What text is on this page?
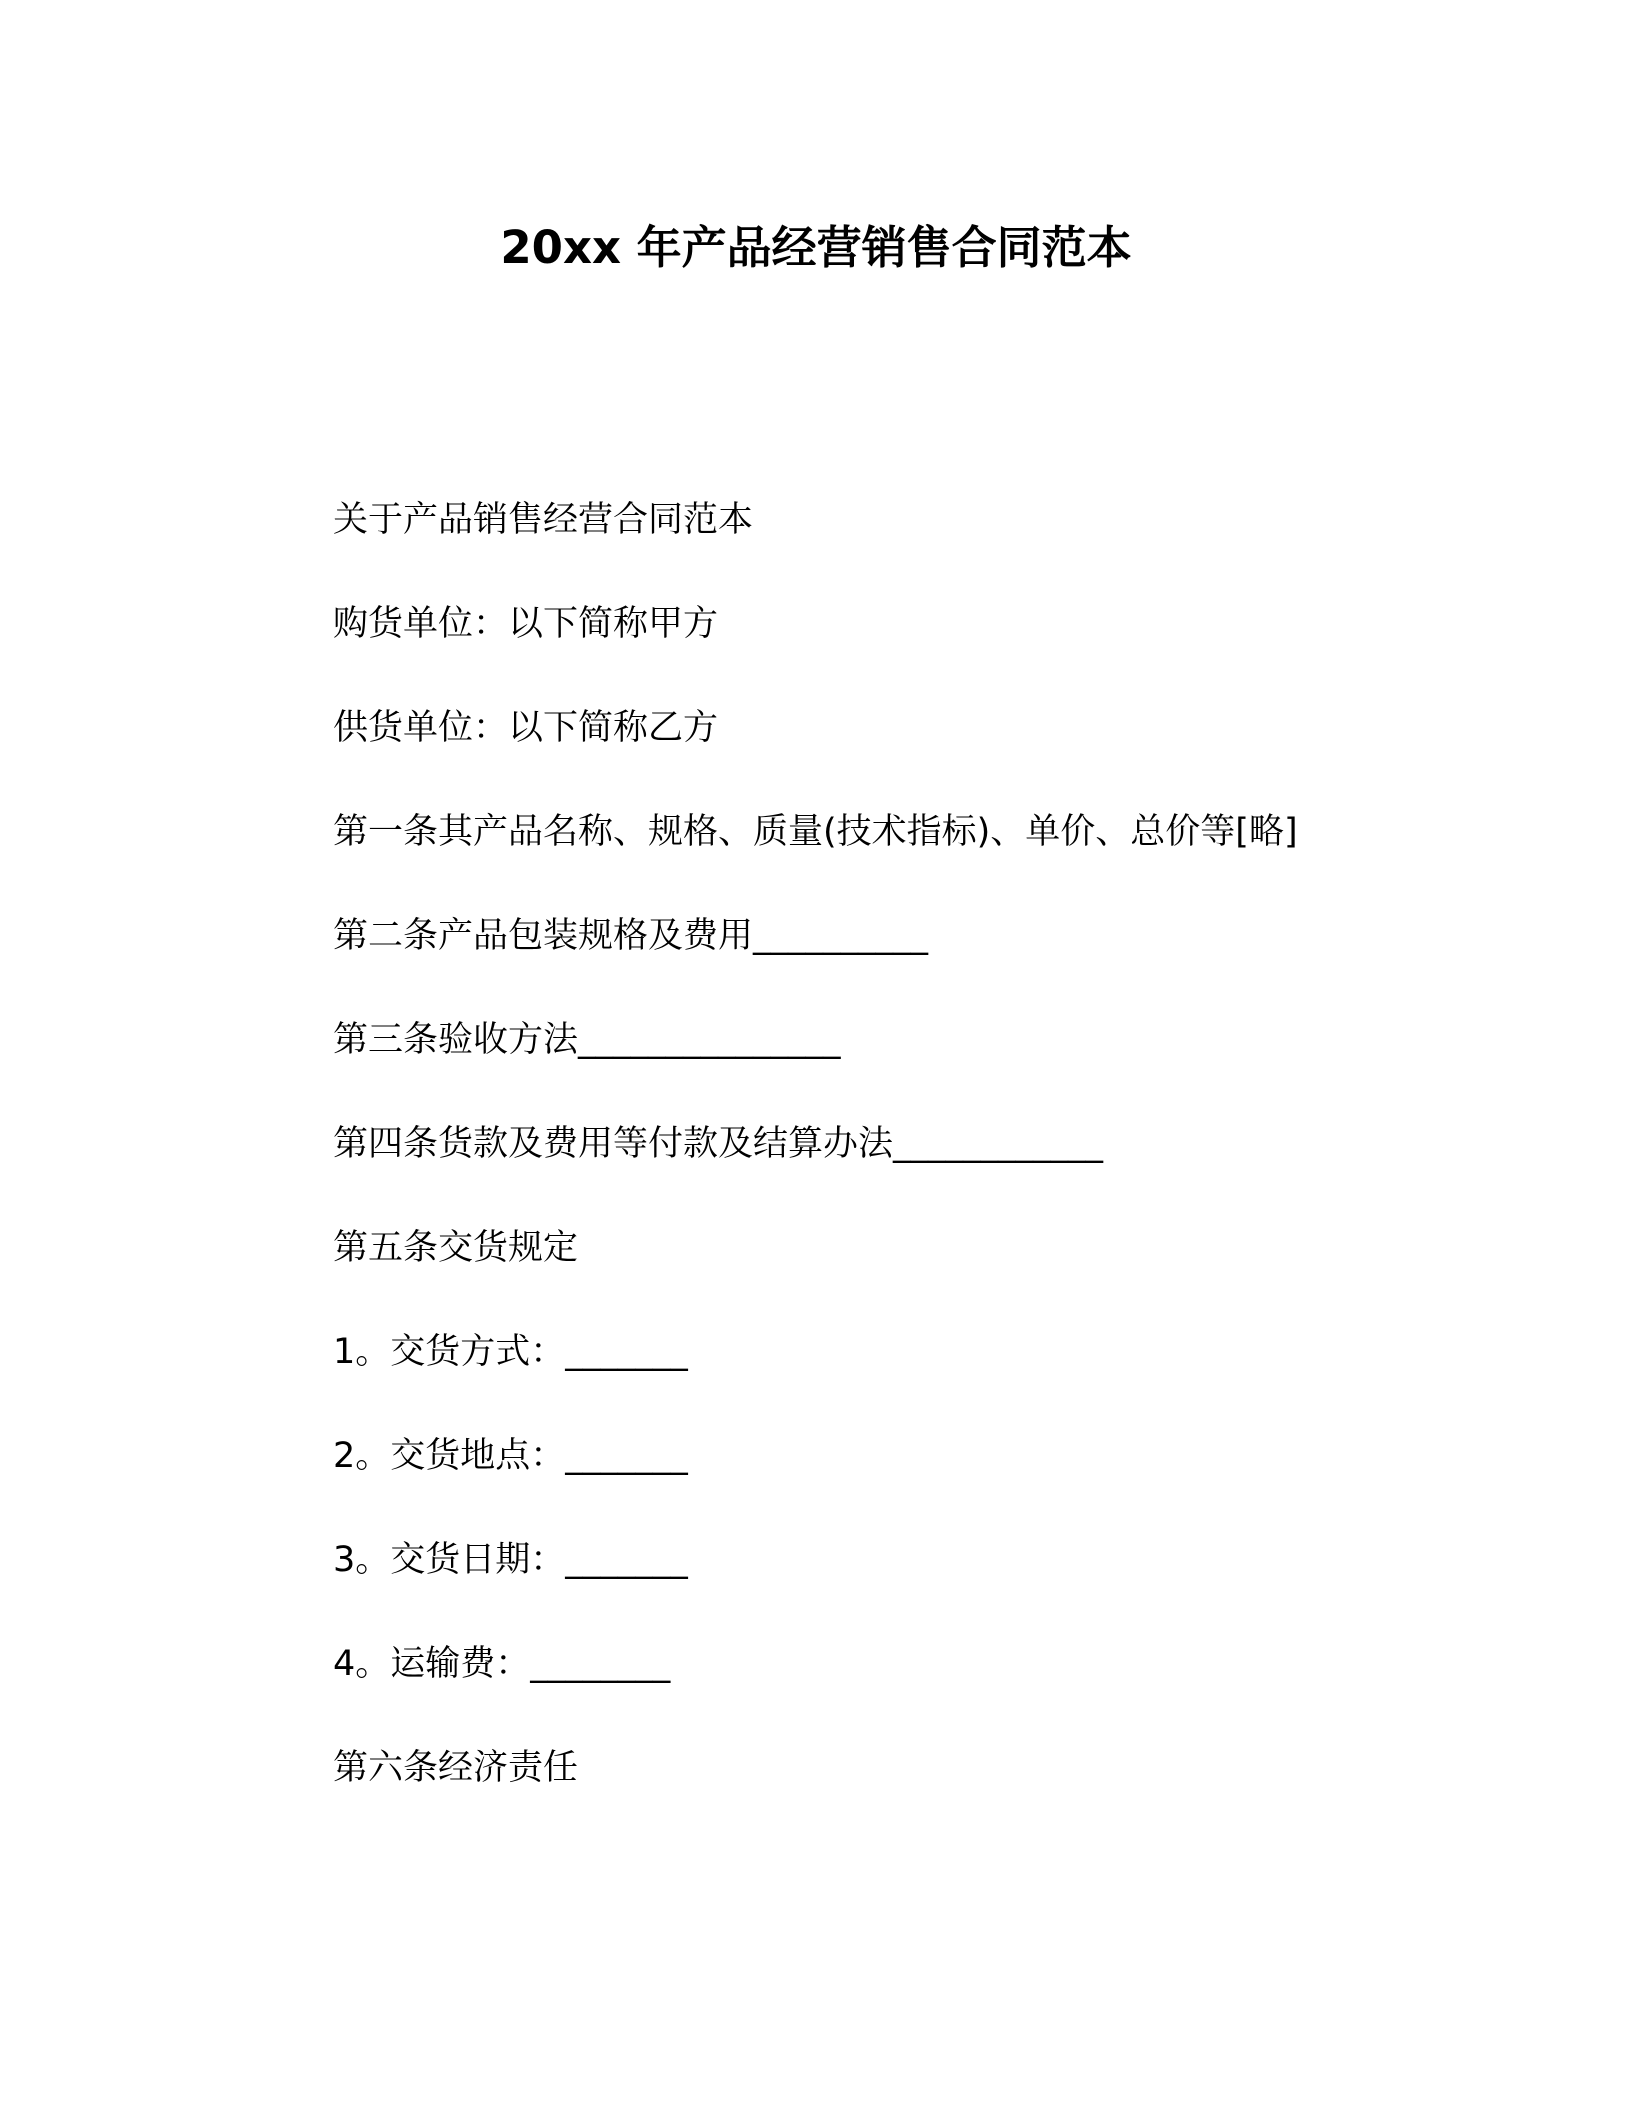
20xx 年产品经营销售合同范本
关于产品销售经营合同范本
购货单位：以下简称甲方
供货单位：以下简称乙方
第一条其产品名称、规格、质量(技术指标)、单价、总价等[略]
第二条产品包装规格及费用__________
第三条验收方法_______________
第四条货款及费用等付款及结算办法____________
第五条交货规定
1。交货方式：_______
2。交货地点：_______
3。交货日期：_______
4。运输费：________
第六条经济责任
